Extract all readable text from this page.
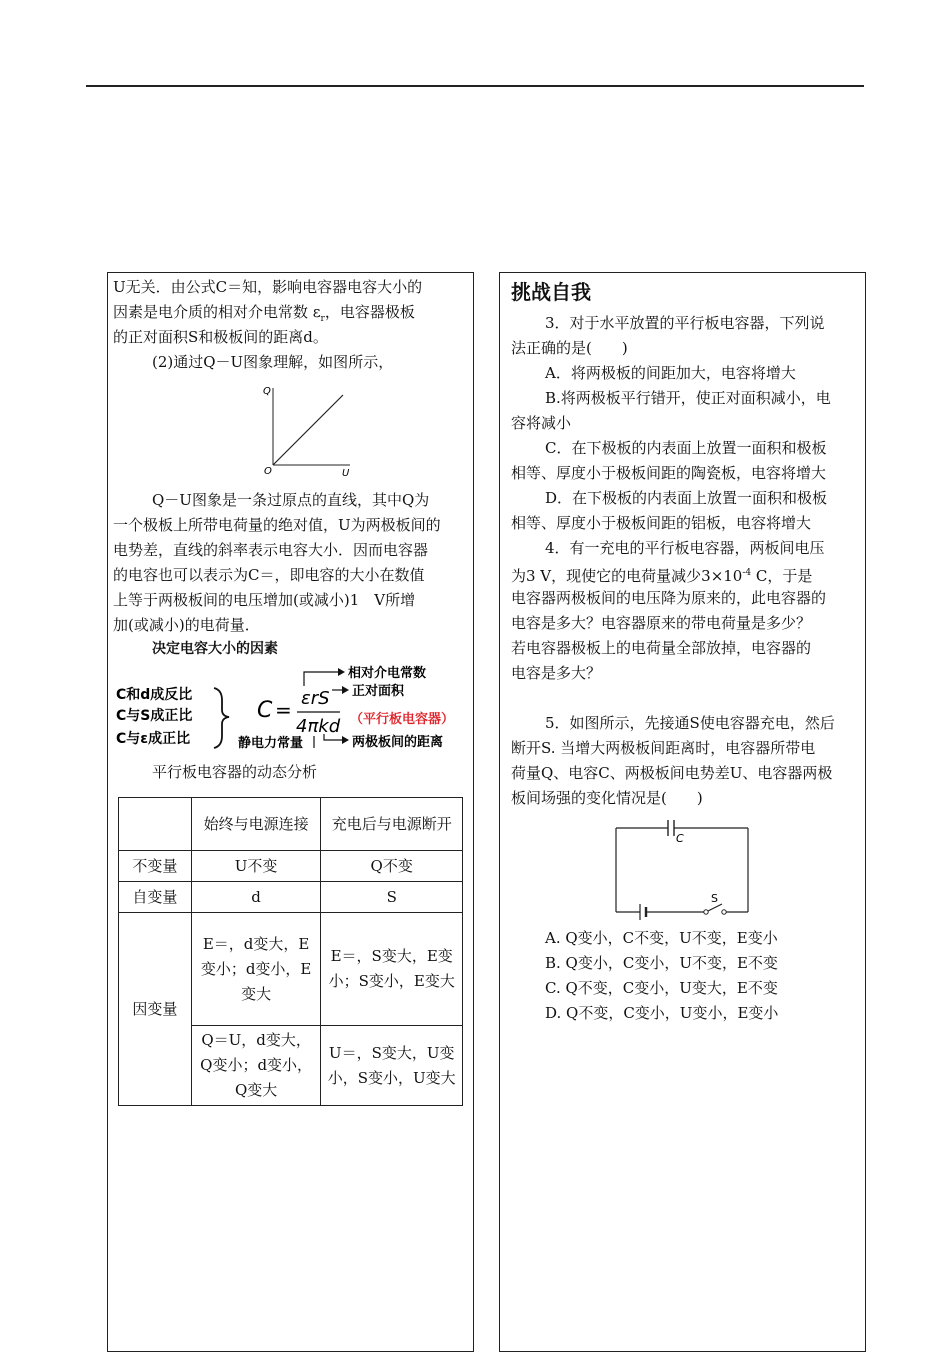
U无关．由公式C＝知，影响电容器电容大小的
因素是电介质的相对介电常数 $\varepsilon_r$，电容器极板
的正对面积S和极板间的距离d。
(2)通过Q－U图象理解，如图所示，
Q
O	U
Q－U图象是一条过原点的直线，其中Q为
一个极板上所带电荷量的绝对值，U为两极板间的
电势差，直线的斜率表示电容大小．因而电容器
的电容也可以表示为C＝，即电容的大小在数值
上等于两极板间的电压增加(或减小)1　V所增
加(或减小)的电荷量．
决定电容大小的因素
C和d成反比
C与S成正比
C与ε成正比
C = εrS
4πkd
相对介电常数
正对面积
（平行板电容器）
静电力常量	两极板间的距离
平行板电容器的动态分析
	始终与电源连接	充电后与电源断开
不变量	U不变	Q不变
自变量	d	S
因变量	E＝，d变大，E变小；d变小，E变大	E＝，S变大，E变小；S变小，E变大
	Q＝U，d变大，Q变小；d变小，Q变大	U＝，S变大，U变小，S变小，U变大
挑战自我
3．对于水平放置的平行板电容器，下列说
法正确的是(　　)
A．将两极板的间距加大，电容将增大
B.将两极板平行错开，使正对面积减小，电
容将减小
C．在下极板的内表面上放置一面积和极板
相等、厚度小于极板间距的陶瓷板，电容将增大
D．在下极板的内表面上放置一面积和极板
相等、厚度小于极板间距的铝板，电容将增大
4．有一充电的平行板电容器，两板间电压
为3 V，现使它的电荷量减少$3\times 10^{-4}$ C，于是
电容器两极板间的电压降为原来的，此电容器的
电容是多大？电容器原来的带电荷量是多少？
若电容器极板上的电荷量全部放掉，电容器的
电容是多大？
5．如图所示，先接通S使电容器充电，然后
断开S. 当增大两极板间距离时，电容器所带电
荷量Q、电容C、两极板间电势差U、电容器两极
板间场强的变化情况是(　　)
C
S
A. Q变小，C不变，U不变，E变小
B. Q变小，C变小，U不变，E不变
C. Q不变，C变小，U变大，E不变
D. Q不变，C变小，U变小，E变小
